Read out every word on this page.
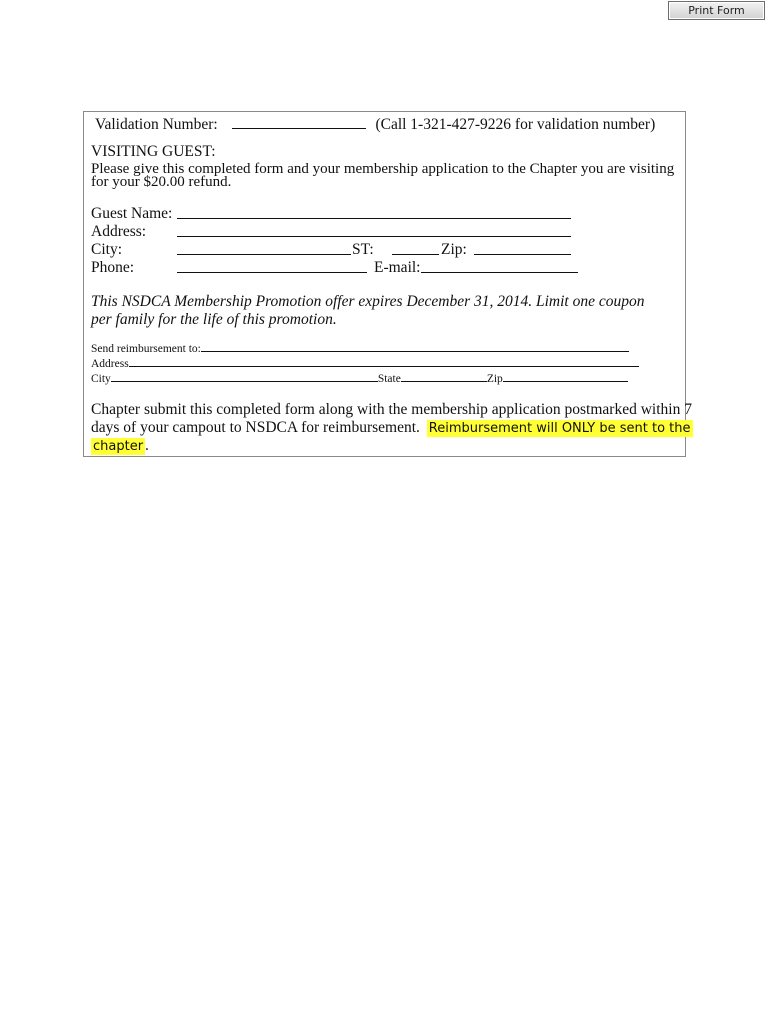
Print Form
Validation Number:	(Call 1-321-427-9226 for validation number)
VISITING GUEST:
Please give this completed form and your membership application to the Chapter you are visiting
for your $20.00 refund.
Guest Name:
Address:
City:	ST:	Zip:
Phone:	E-mail:
This NSDCA Membership Promotion offer expires December 31, 2014. Limit one coupon
per family for the life of this promotion.
Send reimbursement to:
Address
City	State	Zip
Chapter submit this completed form along with the membership application postmarked within 7
days of your campout to NSDCA for reimbursement. Reimbursement will ONLY be sent to the
chapter .
